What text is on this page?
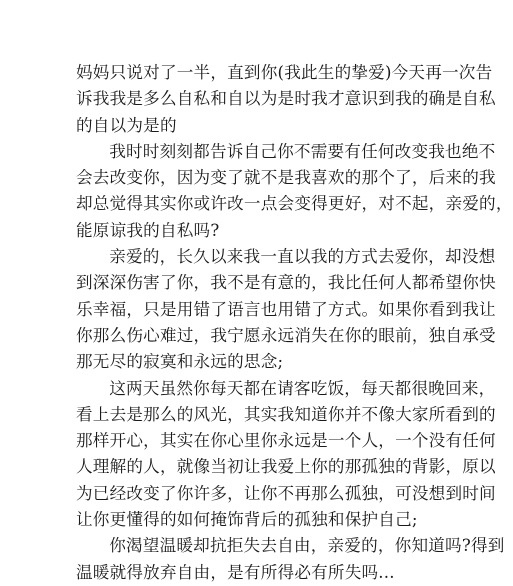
妈妈只说对了一半，直到你(我此生的挚爱)今天再一次告
诉我我是多么自私和自以为是时我才意识到我的确是自私
的自以为是的

我时时刻刻都告诉自己你不需要有任何改变我也绝不
会去改变你，因为变了就不是我喜欢的那个了，后来的我
却总觉得其实你或许改一点会变得更好，对不起，亲爱的，
能原谅我的自私吗?

亲爱的，长久以来我一直以我的方式去爱你，却没想
到深深伤害了你，我不是有意的，我比任何人都希望你快
乐幸福，只是用错了语言也用错了方式。如果你看到我让
你那么伤心难过，我宁愿永远消失在你的眼前，独自承受
那无尽的寂寞和永远的思念;

这两天虽然你每天都在请客吃饭，每天都很晚回来，
看上去是那么的风光，其实我知道你并不像大家所看到的
那样开心，其实在你心里你永远是一个人，一个没有任何
人理解的人，就像当初让我爱上你的那孤独的背影，原以
为已经改变了你许多，让你不再那么孤独，可没想到时间
让你更懂得的如何掩饰背后的孤独和保护自己;

你渴望温暖却抗拒失去自由，亲爱的，你知道吗?得到
温暖就得放弃自由，是有所得必有所失吗...
